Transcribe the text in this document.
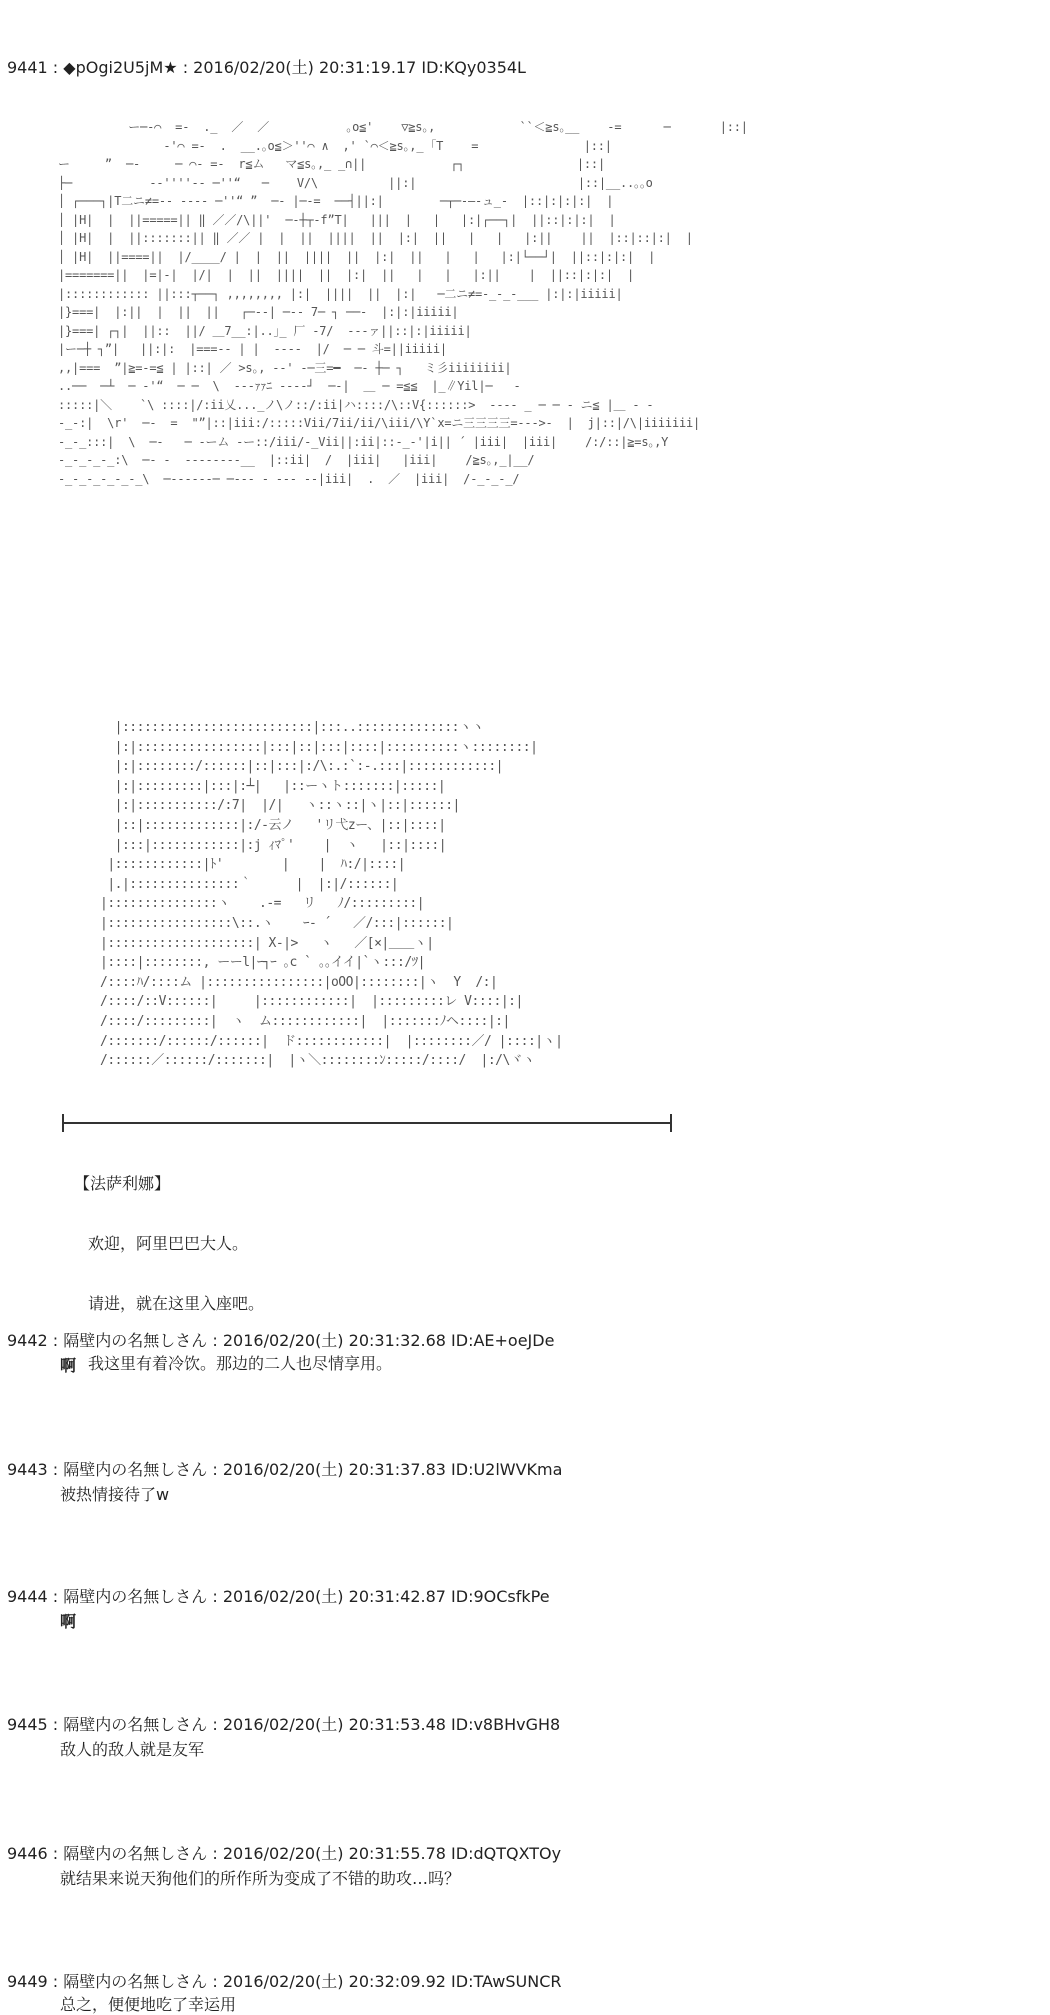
9441 : ◆pOgi2U5jM★ : 2016/02/20(土) 20:31:19.17 ID:KQy0354L
ー─‐⌒  =-  ._  ／  ／           ｡o≦'    ▽≧s｡,            ``＜≧s｡__    -=      ─       |::|
‐'⌒ =-  .  __.｡o≦＞''⌒ ∧  ,' `⌒＜≧s｡,_ ｢T    =               |::|
ー     ”  ─‐     ─ ⌒‐ =-  r≦ム   マ≦s｡,_ _∩||            ┌┐                |::|
├─           ‐‐''''‐‐ ─''“   ─    V/\          ||:|                       |::|__..｡｡o
│ ┌───┐|T二ニ≠=-- ‐‐‐‐ ─''“ ”  ─‐ |─‐=  ──┤||:|        ─┬─‐―-ュ_‐  |::|:|:|:|  |
│ |H|  |  ||=====|| ‖ ／／/\||'  ─‐┼┬‐f”T|   |||  |   |   |:|┌──┐|  ||::|:|:|  |
│ |H|  |  ||:::::::|| ‖ ／／ |  |  ||  ||||  ||  |:|  ||   |   |   |:||    ||  |::|::|:|  |
│ |H|  ||====||  |/____/ |  |  ||  ||||  ||  |:|  ||   |   |   |:|└──┘|  ||::|:|:|  |
|=======||  |=|-|  |/|  |  ||  ||||  ||  |:|  ||   |   |   |:||    |  ||::|:|:|  |
|:::::::::::: ||:::┬──┐ ,,,,,,,, |:|  ||||  ||  |:|   ─二ニ≠=-_-_-___ |:|:|iiiii|
|}===|  |:||  |  ||  ||   ┌─‐‐| ─-‐ 7─ ┐ ──‐  |:|:|iiiii|
|}===| ┌┐|  ||::  ||/ ＿7__:|..｣_ 厂 ‐7/  ‐‐‐ァ||::|:|iiiii|
|ー─┼ ┐”|   ||:|:  |===-- | |  ‐‐‐‐  |/  ─ ─ 斗=||iiiii|
,,|===  ”|≧=-=≦ | |::| ／ >s｡, ‐-' ‐─三=━  ─‐ ┼─ ┐   ミ彡iiiiiiii|
..──  ─┴  ─ ‐'“  ─ ─  \  ‐--ｧｧﾆ ‐‐‐‐┘  ─‐|  ＿ ─ =≦≦  |_∥Yil|─   ‐
:::::|＼    `\ ::::|/:ii乂..._ノ\ノ::/:ii|ハ::::/\::V{::::::>  ‐‐‐‐ _ ─ ─ ‐ ニ≦ |＿ ‐ ‐
-_-:|  \r'  ─‐  =  "”|::|iii:/:::::Vii/7ii/ii/\iii/\Y`x=ニ三三三三=-‐->-  |  j|::|/\|iiiiiii|
-_-_:::|  \  ─‐   ─ ‐ーム ‐ー::/iii/-_Vii||:ii|::-_-'|i|| ´ |iii|  |iii|    /:/::|≧=s｡,Y
-_-_-_-_:\  ─‐ -  ‐‐‐‐‐‐--__  |::ii|  /  |iii|   |iii|    /≧s｡,_|__/
-_-_-_-_-_-_\  ─‐‐‐‐‐‐─ ─‐‐‐ ‐ ‐‐‐ ‐‐|iii|  .  ／  |iii|  /-_-_-_/
|::::::::::::::::::::::::::|:::..::::::::::::::ヽヽ
|:|:::::::::::::::::|:::|::|:::|::::|::::::::::ヽ::::::::|
|:|::::::::/::::::|::|:::|:/\:.:`:-.:::|::::::::::::|
|:|:::::::::|:::|:┴|   |::ーヽト:::::::|:::::|
|:|:::::::::::/:7|  |/|   ヽ::ヽ::|ヽ|::|::::::|
|::|:::::::::::::|:/-云ノ   'リ弋zー、|::|::::|
|:::|::::::::::::|:j ｨﾏﾟ'    |  ヽ   |::|::::|
|::::::::::::|ﾄ'        |    |  ﾊ:/|::::|
|.|:::::::::::::::｀      |  |:|/::::::|
|:::::::::::::::ヽ    .-=   リ   ﾉ/:::::::::|
|:::::::::::::::::\::.ヽ    ｰ‐ ´   ／/:::|::::::|
|::::::::::::::::::::| X-|>   ヽ   ／[×|＿＿ヽ|
|::::|::::::::, ーーl|ｰ┐ｰ ｡c ` ｡｡イイ|`ヽ:::/ﾂ|
/::::ﾊ/::::ム |::::::::::::::::|oOO|::::::::|ヽ  Y  /:|
/::::/::V::::::|     |::::::::::::|  |:::::::::レ V::::|:|
/::::/:::::::::|  ヽ  ム::::::::::::|  |:::::::ﾉヘ::::|:|
/:::::::/::::::/::::::|  ド::::::::::::|  |::::::::／/ |::::|ヽ|
/::::::／::::::/:::::::|  |ヽ＼::::::::ﾝ:::::/::::/  |:/\ヾヽ

【法萨利娜】

欢迎，阿里巴巴大人。

请进，就在这里入座吧。

我这里有着冷饮。那边的二人也尽情享用。

9442 : 隔壁内の名無しさん : 2016/02/20(土) 20:31:32.68 ID:AE+oeJDe
啊
9443 : 隔壁内の名無しさん : 2016/02/20(土) 20:31:37.83 ID:U2lWVKma
被热情接待了w
9444 : 隔壁内の名無しさん : 2016/02/20(土) 20:31:42.87 ID:9OCsfkPe
啊
9445 : 隔壁内の名無しさん : 2016/02/20(土) 20:31:53.48 ID:v8BHvGH8
敌人的敌人就是友军
9446 : 隔壁内の名無しさん : 2016/02/20(土) 20:31:55.78 ID:dQTQXTOy
就结果来说天狗他们的所作所为变成了不错的助攻…吗？
9449 : 隔壁内の名無しさん : 2016/02/20(土) 20:32:09.92 ID:TAwSUNCR
总之，便便地吃了幸运用
